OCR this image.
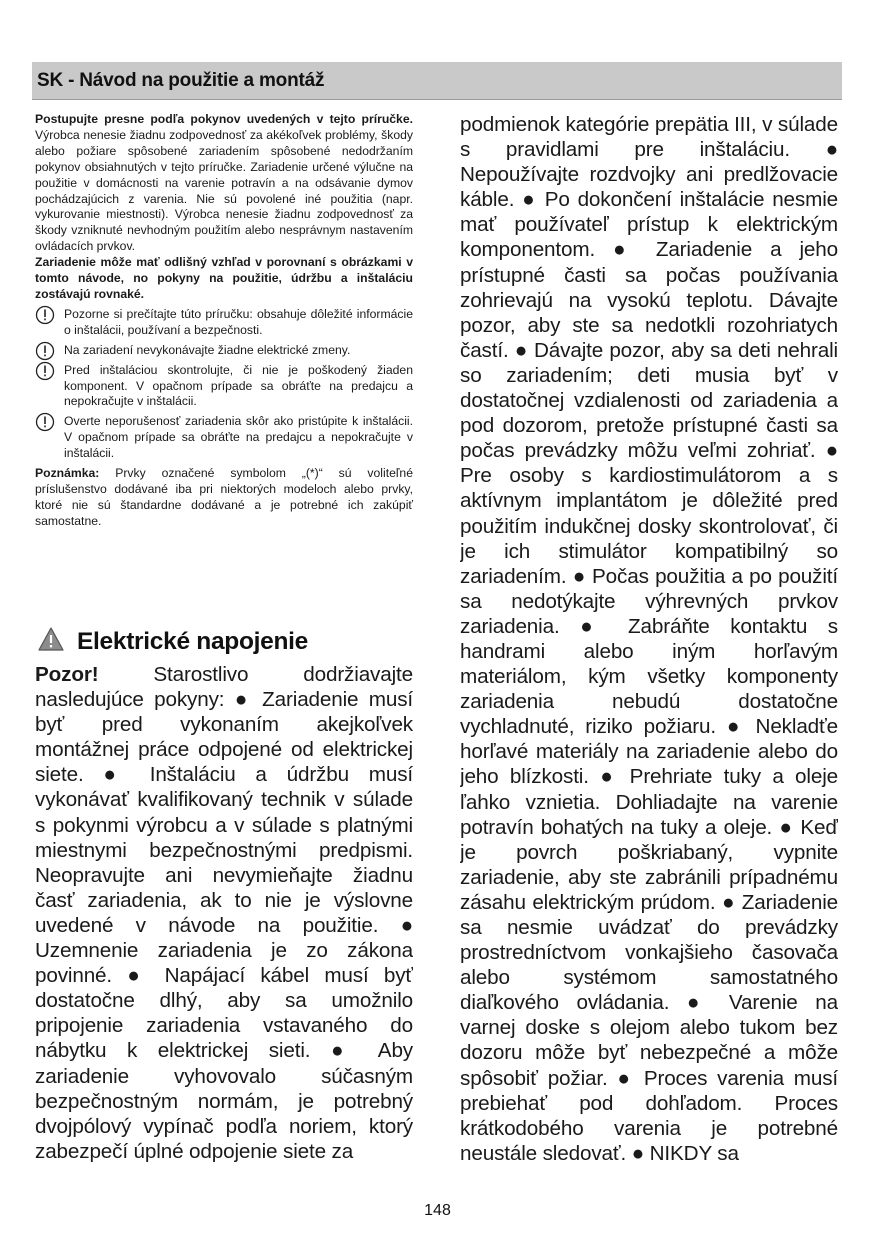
SK - Návod na použitie a montáž

Postupujte presne podľa pokynov uvedených v tejto príručke. Výrobca nenesie žiadnu zodpovednosť za akékoľvek problémy, škody alebo požiare spôsobené zariadením spôsobené nedodržaním pokynov obsiahnutých v tejto príručke. Zariadenie určené výlučne na použitie v domácnosti na varenie potravín a na odsávanie dymov pochádzajúcich z varenia. Nie sú povolené iné použitia (napr. vykurovanie miestnosti). Výrobca nenesie žiadnu zodpovednosť za škody vzniknuté nevhodným použitím alebo nesprávnym nastavením ovládacích prvkov.

Zariadenie môže mať odlišný vzhľad v porovnaní s obrázkami v tomto návode, no pokyny na použitie, údržbu a inštaláciu zostávajú rovnaké.

Pozorne si prečítajte túto príručku: obsahuje dôležité informácie o inštalácii, používaní a bezpečnosti.
Na zariadení nevykonávajte žiadne elektrické zmeny.
Pred inštaláciou skontrolujte, či nie je poškodený žiaden komponent. V opačnom prípade sa obráťte na predajcu a nepokračujte v inštalácii.
Overte neporušenosť zariadenia skôr ako pristúpite k inštalácii. V opačnom prípade sa obráťte na predajcu a nepokračujte v inštalácii.

Poznámka: Prvky označené symbolom „(*)“ sú voliteľné príslušenstvo dodávané iba pri niektorých modeloch alebo prvky, ktoré nie sú štandardne dodávané a je potrebné ich zakúpiť samostatne.

Elektrické napojenie
Pozor! Starostlivo dodržiavajte nasledujúce pokyny: ● Zariadenie musí byť pred vykonaním akejkoľvek montážnej práce odpojené od elektrickej siete. ● Inštaláciu a údržbu musí vykonávať kvalifikovaný technik v súlade s pokynmi výrobcu a v súlade s platnými miestnymi bezpečnostnými predpismi. Neopravujte ani nevymieňajte žiadnu časť zariadenia, ak to nie je výslovne uvedené v návode na použitie. ● Uzemnenie zariadenia je zo zákona povinné. ● Napájací kábel musí byť dostatočne dlhý, aby sa umožnilo pripojenie zariadenia vstavaného do nábytku k elektrickej sieti. ● Aby zariadenie vyhovovalo súčasným bezpečnostným normám, je potrebný dvojpólový vypínač podľa noriem, ktorý zabezpečí úplné odpojenie siete za
podmienok kategórie prepätia III, v súlade s pravidlami pre inštaláciu. ● Nepoužívajte rozdvojky ani predlžovacie káble. ● Po dokončení inštalácie nesmie mať používateľ prístup k elektrickým komponentom. ● Zariadenie a jeho prístupné časti sa počas používania zohrievajú na vysokú teplotu. Dávajte pozor, aby ste sa nedotkli rozohriatych častí. ● Dávajte pozor, aby sa deti nehrali so zariadením; deti musia byť v dostatočnej vzdialenosti od zariadenia a pod dozorom, pretože prístupné časti sa počas prevádzky môžu veľmi zohriať. ● Pre osoby s kardiostimulátorom a s aktívnym implantátom je dôležité pred použitím indukčnej dosky skontrolovať, či je ich stimulátor kompatibilný so zariadením. ● Počas použitia a po použití sa nedotýkajte výhrevných prvkov zariadenia. ● Zabráňte kontaktu s handrami alebo iným horľavým materiálom, kým všetky komponenty zariadenia nebudú dostatočne vychladnuté, riziko požiaru. ● Nekladťe horľavé materiály na zariadenie alebo do jeho blízkosti. ● Prehriate tuky a oleje ľahko vznietia. Dohliadajte na varenie potravín bohatých na tuky a oleje. ● Keď je povrch poškriabaný, vypnite zariadenie, aby ste zabránili prípadnému zásahu elektrickým prúdom. ● Zariadenie sa nesmie uvádzať do prevádzky prostredníctvom vonkajšieho časovača alebo systémom samostatného diaľkového ovládania. ● Varenie na varnej doske s olejom alebo tukom bez dozoru môže byť nebezpečné a môže spôsobiť požiar. ● Proces varenia musí prebiehať pod dohľadom. Proces krátkodobého varenia je potrebné neustále sledovať. ● NIKDY sa
148
